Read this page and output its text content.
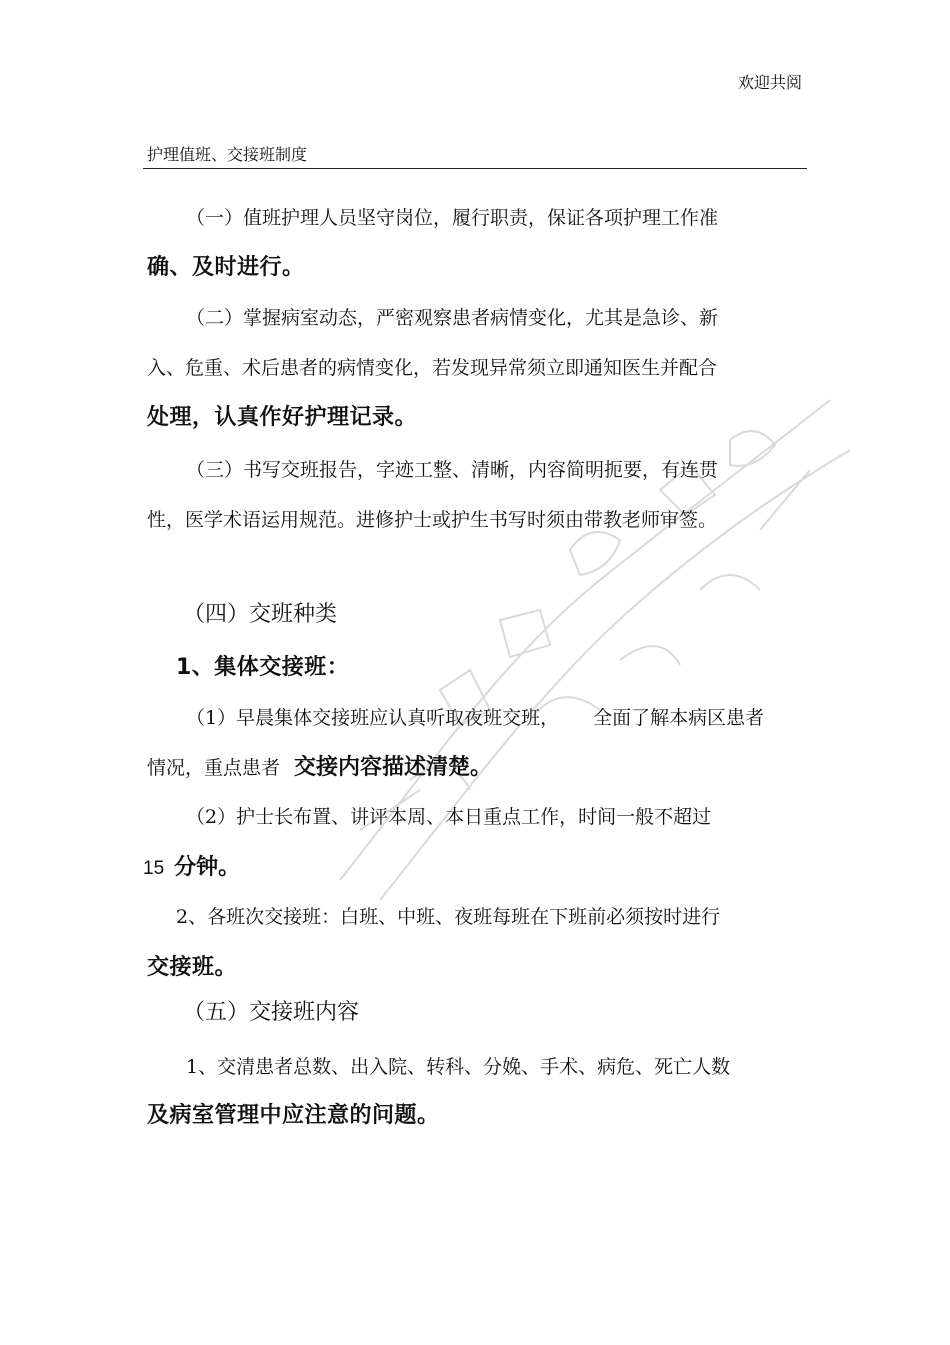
欢迎共阅
护理值班、交接班制度
（一）值班护理人员坚守岗位，履行职责，保证各项护理工作准
确、及时进行。
（二）掌握病室动态，严密观察患者病情变化，尤其是急诊、新
入、危重、术后患者的病情变化，若发现异常须立即通知医生并配合
处理，认真作好护理记录。
（三）书写交班报告，字迹工整、清晰，内容简明扼要，有连贯
性，医学术语运用规范。进修护士或护生书写时须由带教老师审签。
（四）交班种类
1、集体交接班：
（1）早晨集体交接班应认真听取夜班交班， 全面了解本病区患者
情况，重点患者 交接内容描述清楚。
（2）护士长布置、讲评本周、本日重点工作，时间一般不超过
15 分钟。
2、各班次交接班：白班、中班、夜班每班在下班前必须按时进行
交接班。
（五）交接班内容
1、交清患者总数、出入院、转科、分娩、手术、病危、死亡人数
及病室管理中应注意的问题。
